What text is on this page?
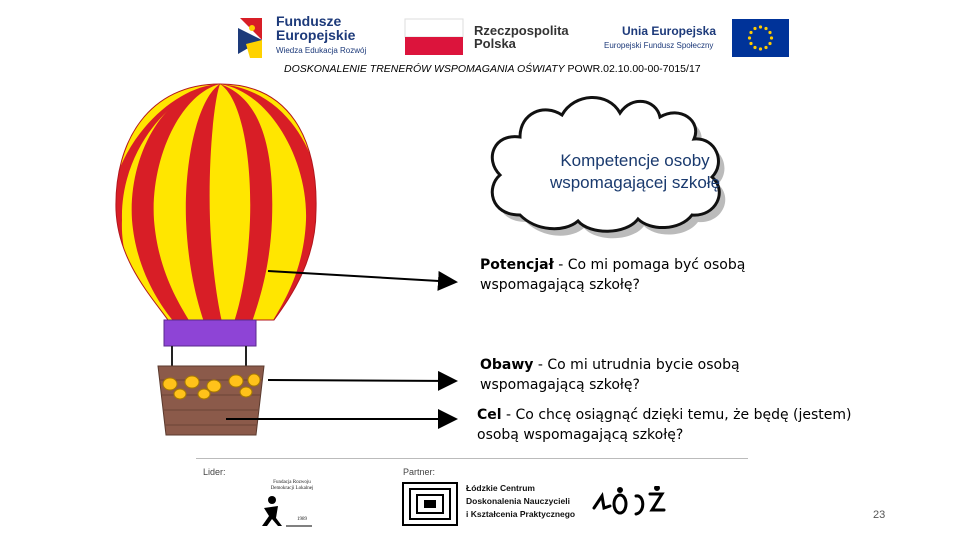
Fundusze
Europejskie
Wiedza Edukacja Rozwój
Rzeczpospolita
Polska
Unia Europejska
Europejski Fundusz Społeczny
DOSKONALENIE TRENERÓW WSPOMAGANIA OŚWIATY POWR.02.10.00-00-7015/17
Kompetencje osoby
wspomagającej szkołę
Potencjał - Co mi pomaga być osobą wspomagającą szkołę?
Obawy - Co mi utrudnia bycie osobą wspomagającą szkołę?
Cel - Co chcę osiągnąć dzięki temu, że będę (jestem) osobą wspomagającą szkołę?
Lider:	Partner:
Fundacja Rozwoju Demokracji Lokalnej
1989
Łódzkie Centrum
Doskonalenia Nauczycieli
i Kształcenia Praktycznego	23
